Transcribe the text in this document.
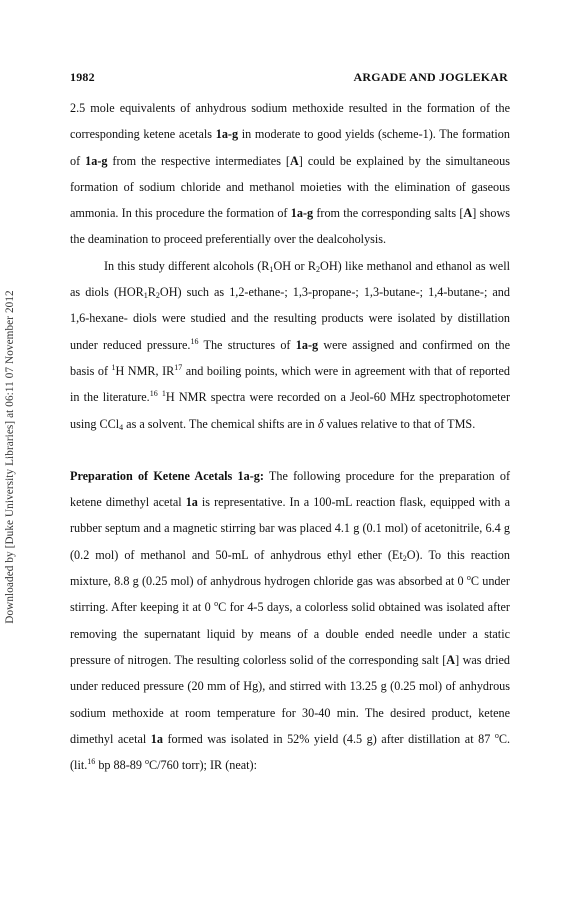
Downloaded by [Duke University Libraries] at 06:11 07 November 2012
1982	ARGADE AND JOGLEKAR

2.5 mole equivalents of anhydrous sodium methoxide resulted in the formation of the corresponding ketene acetals 1a-g in moderate to good yields (scheme-1). The formation of 1a-g from the respective intermediates [A] could be explained by the simultaneous formation of sodium chloride and methanol moieties with the elimination of gaseous ammonia. In this procedure the formation of 1a-g from the corresponding salts [A] shows the deamination to proceed preferentially over the dealcoholysis.

In this study different alcohols ($R_1OH$ or $R_2OH$) like methanol and ethanol as well as diols $(HOR_1R_2OH)$ such as 1,2-ethane-; 1,3-propane-; 1,3-butane-; 1,4-butane-; and 1,6-hexane- diols were studied and the resulting products were isolated by distillation under reduced pressure.$^{16}$ The structures of 1a-g were assigned and confirmed on the basis of $^1$H NMR, IR$^{17}$ and boiling points, which were in agreement with that of reported in the literature.$^{16}$ $^1$H NMR spectra were recorded on a Jeol-60 MHz spectrophotometer using CCl$_4$ as a solvent. The chemical shifts are in δ values relative to that of TMS.

Preparation of Ketene Acetals 1a-g: The following procedure for the preparation of ketene dimethyl acetal 1a is representative. In a 100-mL reaction flask, equipped with a rubber septum and a magnetic stirring bar was placed 4.1 g (0.1 mol) of acetonitrile, 6.4 g (0.2 mol) of methanol and 50-mL of anhydrous ethyl ether $(Et_2O)$. To this reaction mixture, 8.8 g (0.25 mol) of anhydrous hydrogen chloride gas was absorbed at 0 $^o$C under stirring. After keeping it at 0 $^o$C for 4-5 days, a colorless solid obtained was isolated after removing the supernatant liquid by means of a double ended needle under a static pressure of nitrogen. The resulting colorless solid of the corresponding salt [A] was dried under reduced pressure (20 mm of Hg), and stirred with 13.25 g (0.25 mol) of anhydrous sodium methoxide at room temperature for 30-40 min. The desired product, ketene dimethyl acetal 1a formed was isolated in 52% yield (4.5 g) after distillation at 87 $^o$C. (lit.$^{16}$ bp 88-89 $^o$C/760 torr); IR (neat):
